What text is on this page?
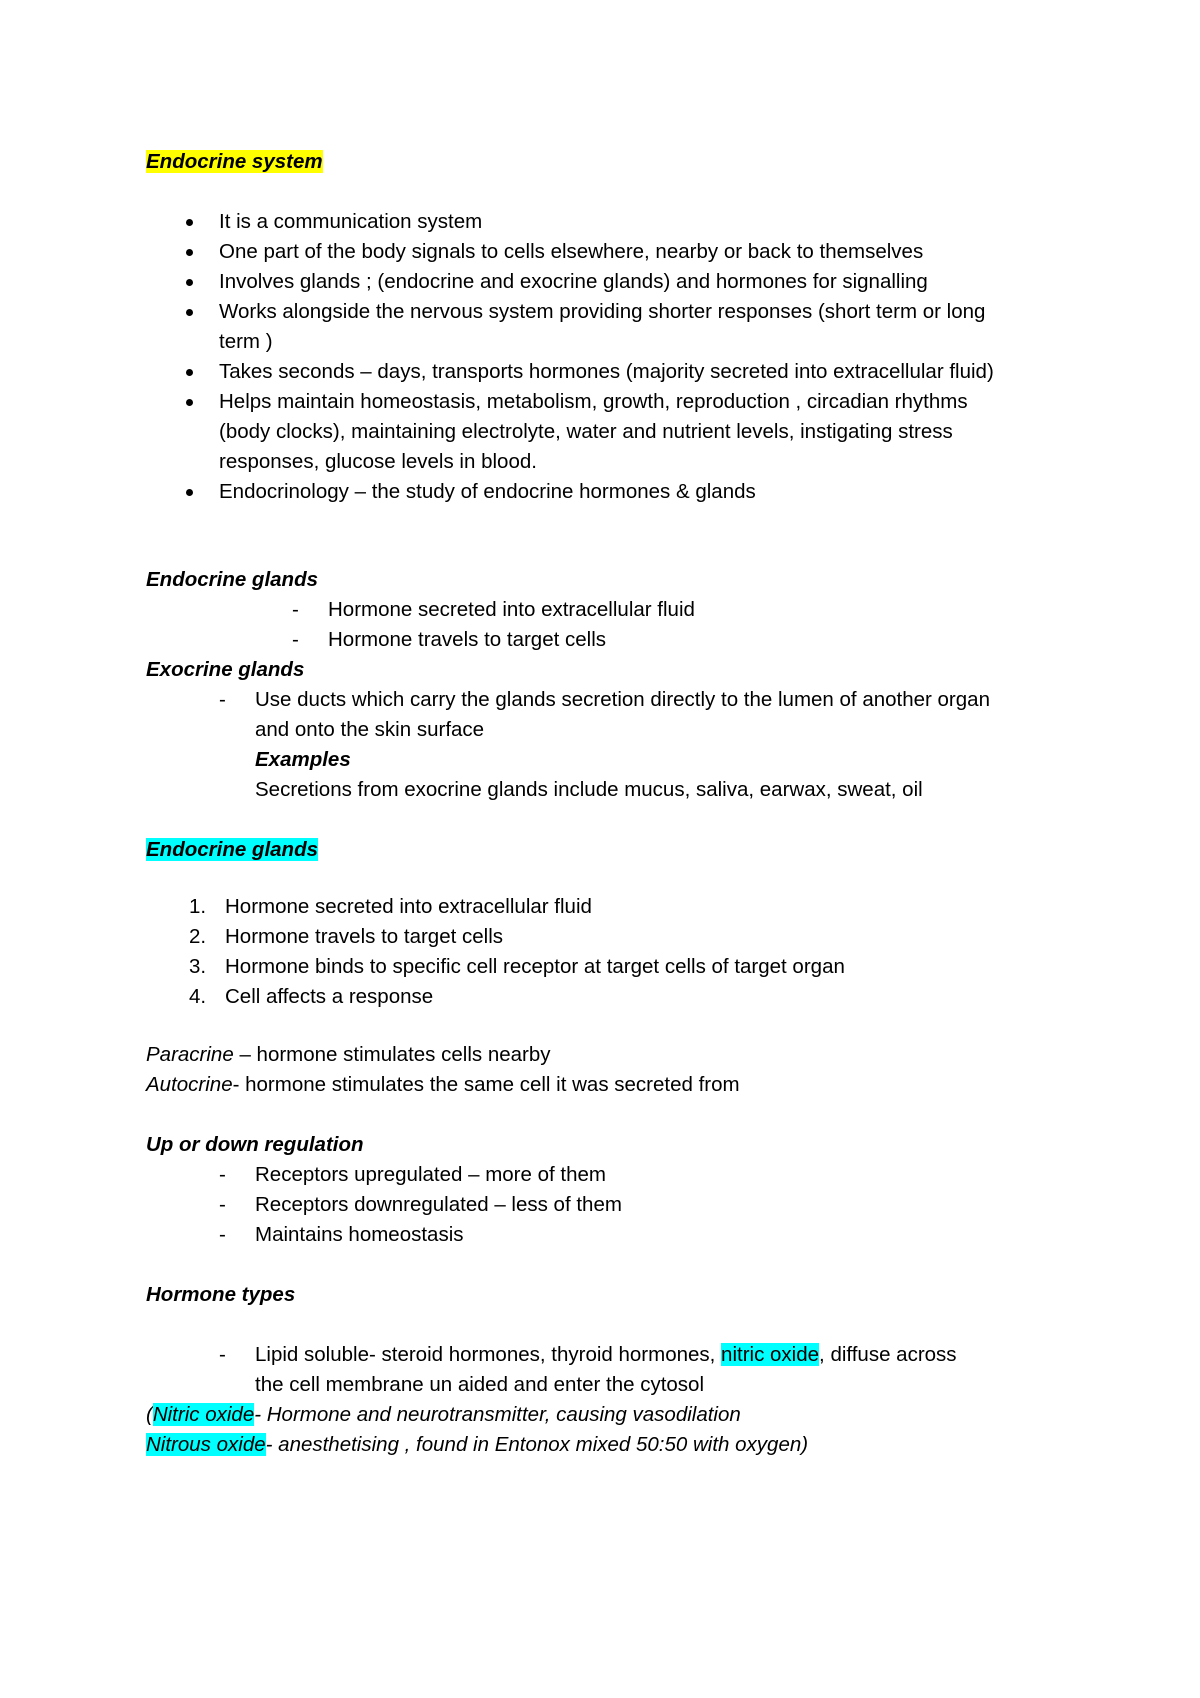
Endocrine system
It is a communication system
One part of the body signals to cells elsewhere, nearby or back to themselves
Involves glands ; (endocrine and exocrine glands) and hormones for signalling
Works alongside the nervous system providing shorter responses (short term or long
term )
Takes seconds – days, transports hormones (majority secreted into extracellular fluid)
Helps maintain homeostasis, metabolism, growth, reproduction , circadian rhythms
(body clocks), maintaining electrolyte, water and nutrient levels, instigating stress
responses, glucose levels in blood.
Endocrinology – the study of endocrine hormones & glands
Endocrine glands
- Hormone secreted into extracellular fluid
- Hormone travels to target cells
Exocrine glands
- Use ducts which carry the glands secretion directly to the lumen of another organ
and onto the skin surface
Examples
Secretions from exocrine glands include mucus, saliva, earwax, sweat, oil
Endocrine glands
1. Hormone secreted into extracellular fluid
2. Hormone travels to target cells
3. Hormone binds to specific cell receptor at target cells of target organ
4. Cell affects a response
Paracrine – hormone stimulates cells nearby
Autocrine- hormone stimulates the same cell it was secreted from
Up or down regulation
- Receptors upregulated – more of them
- Receptors downregulated – less of them
- Maintains homeostasis
Hormone types
- Lipid soluble- steroid hormones, thyroid hormones, nitric oxide, diffuse across
the cell membrane un aided and enter the cytosol
(Nitric oxide- Hormone and neurotransmitter, causing vasodilation
Nitrous oxide- anesthetising , found in Entonox mixed 50:50 with oxygen)
